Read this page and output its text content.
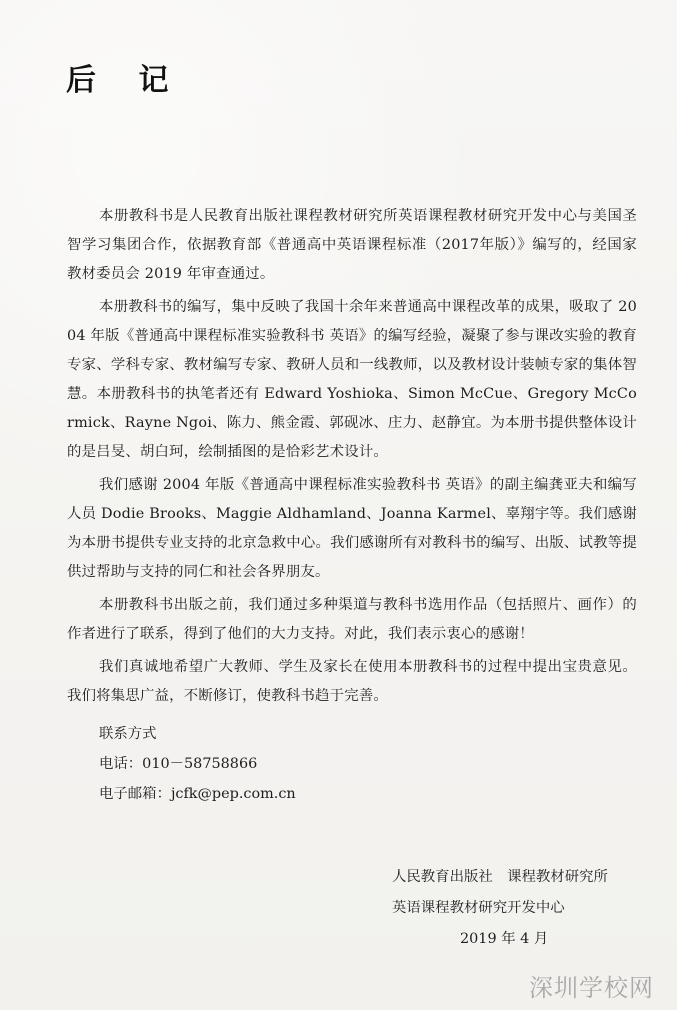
后 记

本册教科书是人民教育出版社课程教材研究所英语课程教材研究开发中心与美国圣智学习集团合作，依据教育部《普通高中英语课程标准（2017年版）》编写的，经国家教材委员会 2019 年审查通过。

本册教科书的编写，集中反映了我国十余年来普通高中课程改革的成果，吸取了 2004 年版《普通高中课程标准实验教科书 英语》的编写经验，凝聚了参与课改实验的教育专家、学科专家、教材编写专家、教研人员和一线教师，以及教材设计装帧专家的集体智慧。本册教科书的执笔者还有 Edward Yoshioka、Simon McCue、Gregory McCormick、Rayne Ngoi、陈力、熊金霞、郭砚冰、庄力、赵静宜。为本册书提供整体设计的是吕旻、胡白珂，绘制插图的是恰彩艺术设计。

我们感谢 2004 年版《普通高中课程标准实验教科书 英语》的副主编龚亚夫和编写人员 Dodie Brooks、Maggie Aldhamland、Joanna Karmel、辜翔宇等。我们感谢为本册书提供专业支持的北京急救中心。我们感谢所有对教科书的编写、出版、试教等提供过帮助与支持的同仁和社会各界朋友。

本册教科书出版之前，我们通过多种渠道与教科书选用作品（包括照片、画作）的作者进行了联系，得到了他们的大力支持。对此，我们表示衷心的感谢！

我们真诚地希望广大教师、学生及家长在使用本册教科书的过程中提出宝贵意见。我们将集思广益，不断修订，使教科书趋于完善。

联系方式
电话：010－58758866
电子邮箱：jcfk@pep.com.cn
人民教育出版社　课程教材研究所
英语课程教材研究开发中心
2019 年 4 月
深圳学校网
